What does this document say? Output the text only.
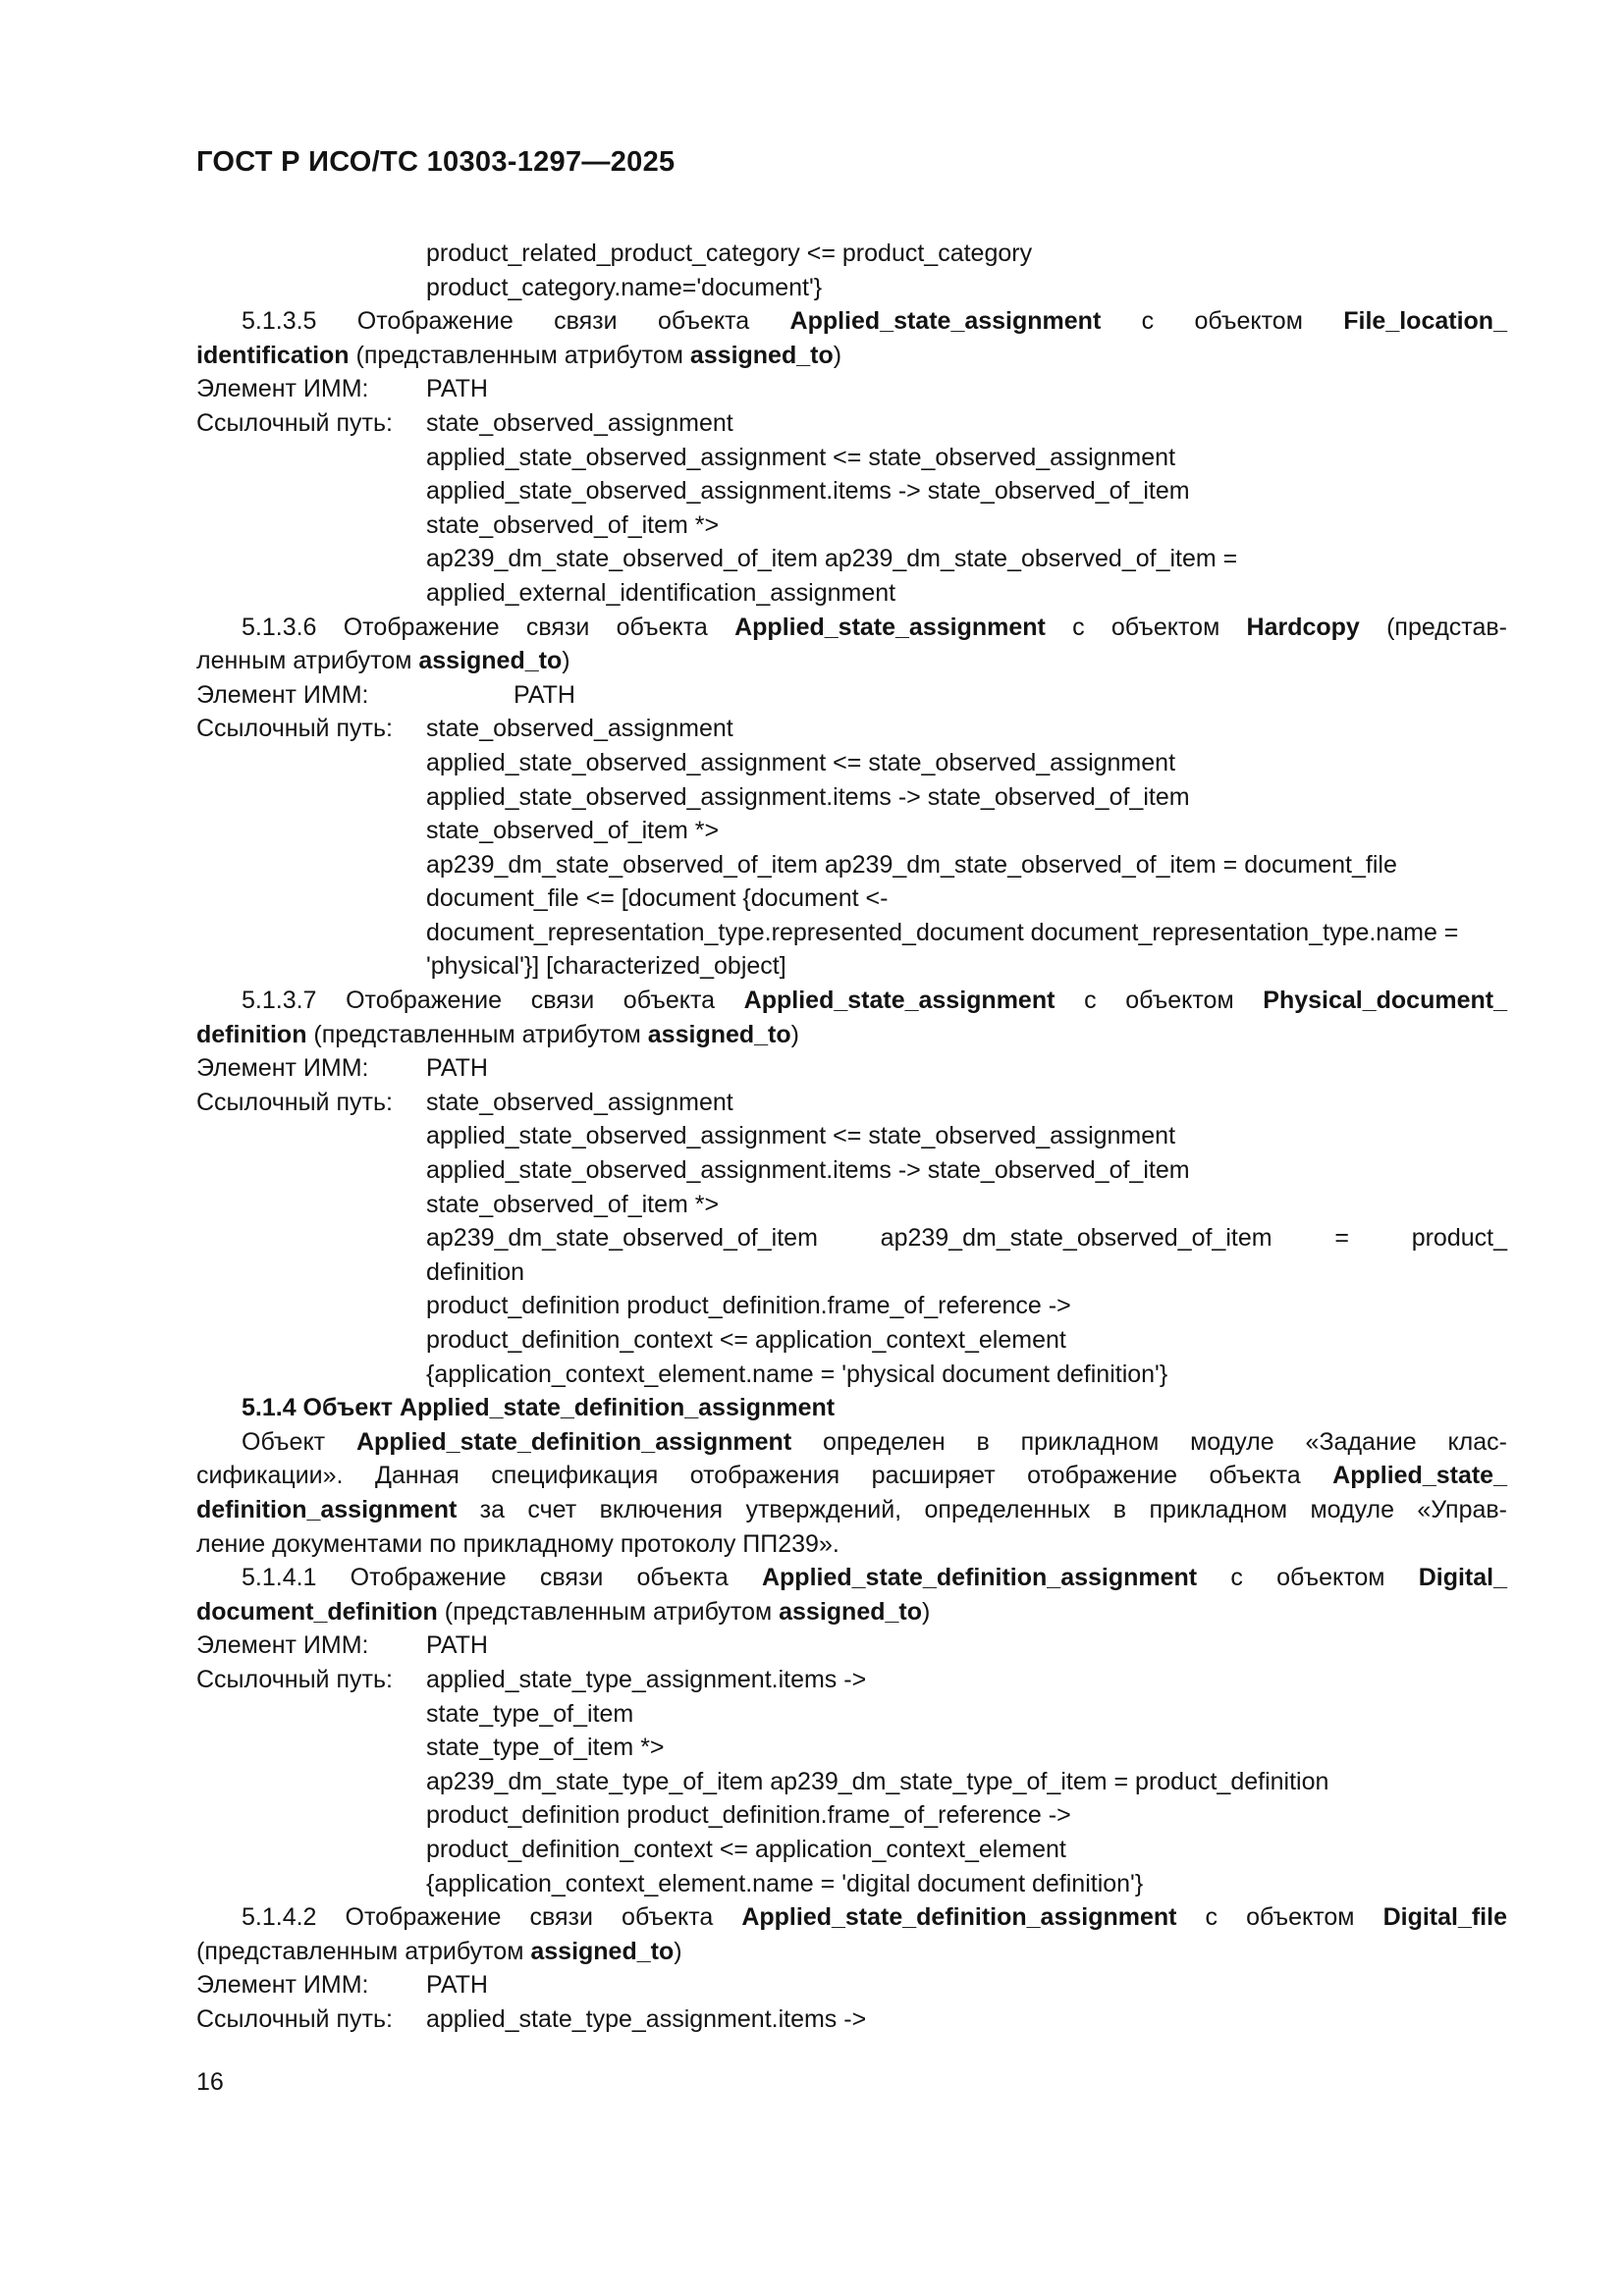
ГОСТ Р ИСО/ТС 10303-1297—2025
product_related_product_category <= product_category
product_category.name='document'}
5.1.3.5 Отображение связи объекта Applied_state_assignment с объектом File_location_
identification (представленным атрибутом assigned_to)
Элемент ИММ: PATH
Ссылочный путь: state_observed_assignment
applied_state_observed_assignment <= state_observed_assignment
applied_state_observed_assignment.items -> state_observed_of_item
state_observed_of_item *>
ap239_dm_state_observed_of_item ap239_dm_state_observed_of_item =
applied_external_identification_assignment
5.1.3.6 Отображение связи объекта Applied_state_assignment с объектом Hardcopy (представ-
ленным атрибутом assigned_to)
Элемент ИММ:	PATH
Ссылочный путь: state_observed_assignment
applied_state_observed_assignment <= state_observed_assignment
applied_state_observed_assignment.items -> state_observed_of_item
state_observed_of_item *>
ap239_dm_state_observed_of_item ap239_dm_state_observed_of_item = document_file
document_file <= [document {document <-
document_representation_type.represented_document document_representation_type.name =
'physical'}] [characterized_object]
5.1.3.7 Отображение связи объекта Applied_state_assignment с объектом Physical_document_
definition (представленным атрибутом assigned_to)
Элемент ИММ: PATH
Ссылочный путь: state_observed_assignment
applied_state_observed_assignment <= state_observed_assignment
applied_state_observed_assignment.items -> state_observed_of_item
state_observed_of_item *>
ap239_dm_state_observed_of_item ap239_dm_state_observed_of_item = product_
definition
product_definition product_definition.frame_of_reference ->
product_definition_context <= application_context_element
{application_context_element.name = 'physical document definition'}
5.1.4 Объект Applied_state_definition_assignment
Объект Applied_state_definition_assignment определен в прикладном модуле «Задание клас-
сификации». Данная спецификация отображения расширяет отображение объекта Applied_state_
definition_assignment за счет включения утверждений, определенных в прикладном модуле «Управ-
ление документами по прикладному протоколу ПП239».
5.1.4.1 Отображение связи объекта Applied_state_definition_assignment с объектом Digital_
document_definition (представленным атрибутом assigned_to)
Элемент ИММ: PATH
Ссылочный путь: applied_state_type_assignment.items ->
state_type_of_item
state_type_of_item *>
ap239_dm_state_type_of_item ap239_dm_state_type_of_item = product_definition
product_definition product_definition.frame_of_reference ->
product_definition_context <= application_context_element
{application_context_element.name = 'digital document definition'}
5.1.4.2 Отображение связи объекта Applied_state_definition_assignment с объектом Digital_file
(представленным атрибутом assigned_to)
Элемент ИММ: PATH
Ссылочный путь: applied_state_type_assignment.items ->
16
